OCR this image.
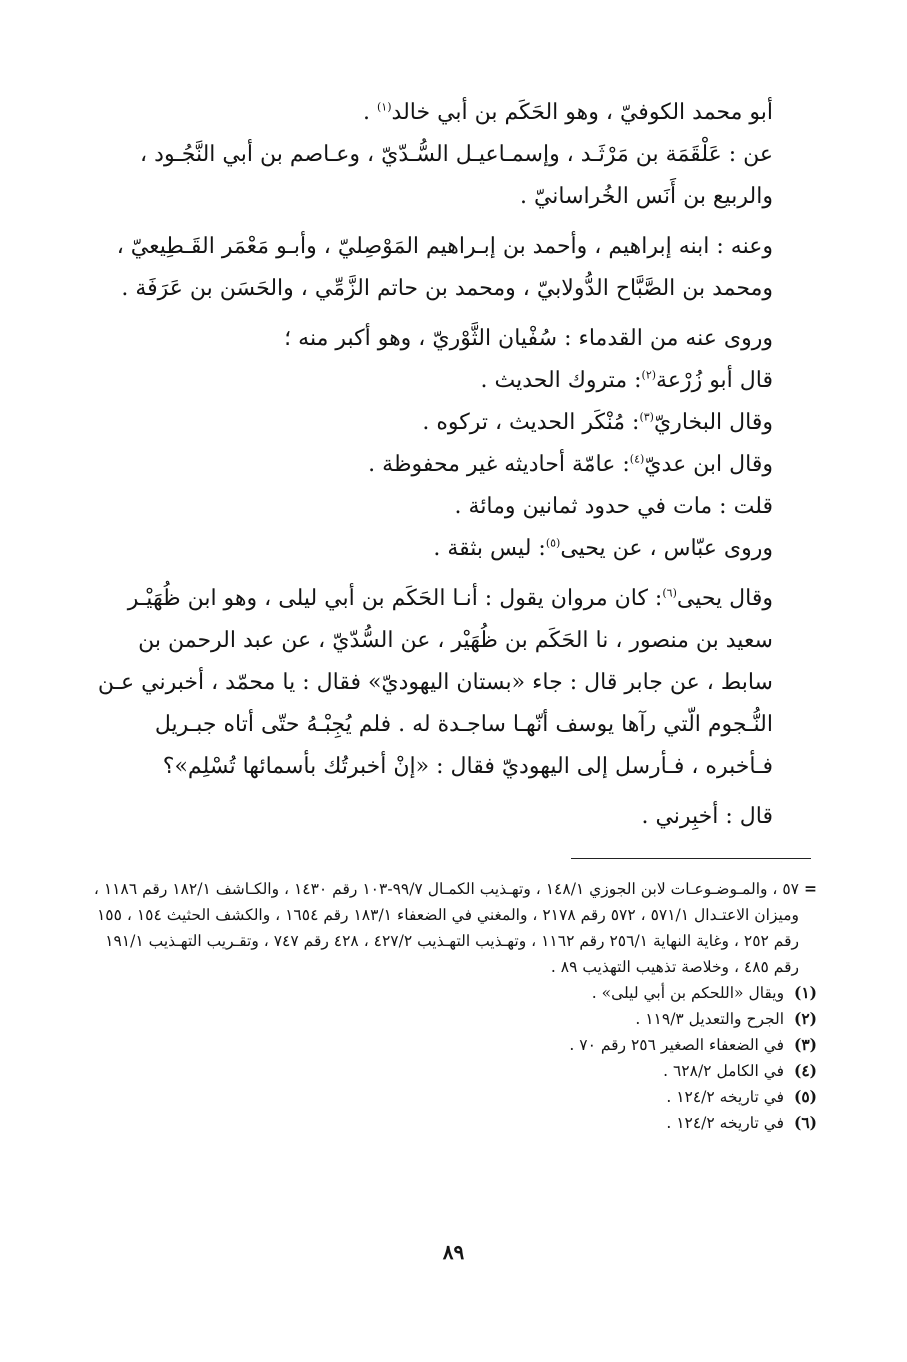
أبو محمد الكوفيّ ، وهو الحَكَم بن أبي خالد$^{(١)}$ .

عن : عَلْقَمَة بن مَرْثَـد ، وإسمـاعيـل السُّـدّيّ ، وعـاصم بن أبي النَّجُـود ، والربيع بن أَنَس الخُراسانيّ .

وعنه : ابنه إبراهيم ، وأحمد بن إبـراهيم المَوْصِليّ ، وأبـو مَعْمَر القَـطِيعيّ ، ومحمد بن الصَّبَّاح الدُّولابيّ ، ومحمد بن حاتم الزَّمِّي ، والحَسَن بن عَرَفَة .

وروى عنه من القدماء : سُفْيان الثَّوْريّ ، وهو أكبر منه ؛

قال أبو زُرْعة$^{(٢)}$: متروك الحديث .

وقال البخاريّ$^{(٣)}$: مُنْكَر الحديث ، تركوه .

وقال ابن عديّ$^{(٤)}$: عامّة أحاديثه غير محفوظة .

قلت : مات في حدود ثمانين ومائة .

وروى عبّاس ، عن يحيى$^{(٥)}$: ليس بثقة .

وقال يحيى$^{(٦)}$: كان مروان يقول : أنـا الحَكَم بن أبي ليلى ، وهو ابن ظُهَيْـر سعيد بن منصور ، نا الحَكَم بن ظُهَيْر ، عن السُّدّيّ ، عن عبد الرحمن بن سابط ، عن جابر قال : جاء «بستان اليهوديّ» فقال : يا محمّد ، أخبرني عـن النُّـجوم الّتي رآها يوسف أنّهـا ساجـدة له . فلم يُجِبْـهُ حتّى أتاه جبـريل فـأخبره ، فـأرسل إلى اليهوديّ فقال : «إنْ أخبرتُك بأسمائها تُسْلِم»؟

قال : أخبِرني .

=٥٧ ، والمـوضـوعـات لابن الجوزي ١٤٨/١ ، وتهـذيب الكمـال ٩٩/٧-١٠٣ رقم ١٤٣٠ ، والكـاشف ١٨٢/١ رقم ١١٨٦ ، وميزان الاعتـدال ٥٧١/١ ، ٥٧٢ رقم ٢١٧٨ ، والمغني في الضعفاء ١٨٣/١ رقم ١٦٥٤ ، والكشف الحثيث ١٥٤ ، ١٥٥ رقم ٢٥٢ ، وغاية النهاية ٢٥٦/١ رقم ١١٦٢ ، وتهـذيب التهـذيب ٤٢٧/٢ ، ٤٢٨ رقم ٧٤٧ ، وتقـريب التهـذيب ١٩١/١ رقم ٤٨٥ ، وخلاصة تذهيب التهذيب ٨٩ .

(١) ويقال «اللحكم بن أبي ليلى» .

(٢) الجرح والتعديل ١١٩/٣ .

(٣) في الضعفاء الصغير ٢٥٦ رقم ٧٠ .

(٤) في الكامل ٦٢٨/٢ .

(٥) في تاريخه ١٢٤/٢ .

(٦) في تاريخه ١٢٤/٢ .

٨٩
